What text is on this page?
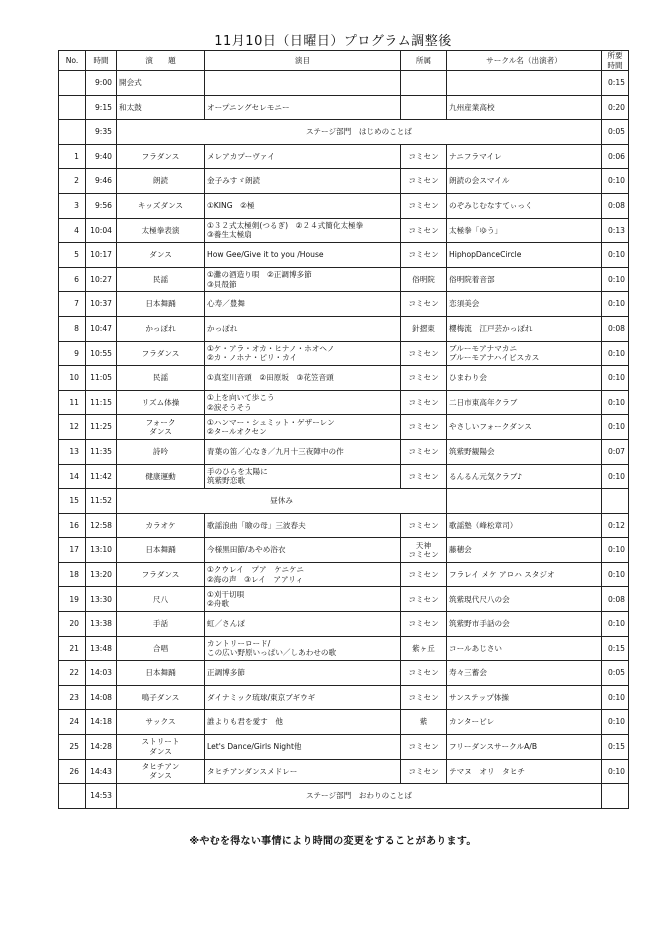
11月10日（日曜日）プログラム調整後
No.	時間	演　　題	演目	所属	サークル名（出演者）	所要
時間	
	9:00	開会式				0:15	
	9:15	和太鼓	オープニングセレモニー		九州産業高校	0:20	
	9:35	ステージ部門　はじめのことば				0:05	
1	9:40	フラダンス	メレアカプーヴァイ	コミセン	ナニフラマイレ	0:06	
2	9:46	朗読	金子みすゞ朗読	コミセン	朗読の会スマイル	0:10	
3	9:56	キッズダンス	①KING　②極	コミセン	のぞみじむなすてぃっく	0:08	
4	10:04	太極拳表演	①３２式太極剣(つるぎ)　②２４式簡化太極拳
③養生太極扇	コミセン	太極拳「ゆう」	0:13	
5	10:17	ダンス	How Gee/Give it to you /House	コミセン	HiphopDanceCircle	0:10	
6	10:27	民謡	①灘の酒造り唄　②正調博多節
③貝殻節	俗明院	俗明院着音部	0:10	
7	10:37	日本舞踊	心寿／豊舞	コミセン	恋須美会	0:10	
8	10:47	かっぽれ	かっぽれ	針摺東	櫻梅流　江戸芸かっぽれ	0:08	
9	10:55	フラダンス	①ケ・アラ・オカ・ヒナノ・ホオヘノ
②カ・ノホナ・ピリ・カイ	コミセン	ブルーモアナマカニ
ブルーモアナハイビスカス	0:10	
10	11:05	民謡	①真室川音頭　②田原坂　③花笠音頭	コミセン	ひまわり会	0:10	
11	11:15	リズム体操	①上を向いて歩こう
②涙そうそう	コミセン	二日市東高年クラブ	0:10	
12	11:25	フォーク
ダンス	①ハンマー・シュミット・ゲザーレン
②タールオクセン	コミセン	やさしいフォークダンス	0:10	
13	11:35	詩吟	青葉の笛／心なき／九月十三夜陣中の作	コミセン	筑紫野観陽会	0:07	
14	11:42	健康運動	手のひらを太陽に
筑紫野恋歌	コミセン	るんるん元気クラブ♪	0:10	
15	11:52	昼休み			
16	12:58	カラオケ	歌謡浪曲「瞼の母」三波春夫	コミセン	歌謡塾（峰松章司）	0:12	
17	13:10	日本舞踊	今様黒田節/あやめ浴衣	天神
コミセン	藤穂会	0:10	
18	13:20	フラダンス	①クウレイ　プア　ケニケニ
②海の声　③レイ　アアリィ	コミセン	フラレイ メケ アロハ スタジオ	0:10	
19	13:30	尺八	①刈干切唄
②舟歌	コミセン	筑紫現代尺八の会	0:08	
20	13:38	手話	虹／さんぽ	コミセン	筑紫野市手話の会	0:10	
21	13:48	合唱	カントリーロード/
この広い野原いっぱい／しあわせの歌	紫ヶ丘	コールあじさい	0:15	
22	14:03	日本舞踊	正調博多節	コミセン	寿々三蓄会	0:05	
23	14:08	鳴子ダンス	ダイナミック琉球/東京ブギウギ	コミセン	サンステップ体操	0:10	
24	14:18	サックス	誰よりも君を愛す　他	紫	カンタービレ	0:10	
25	14:28	ストリート
ダンス	Let's Dance/Girls Night他	コミセン	フリーダンスサークルA/B	0:15	
26	14:43	タヒチアン
ダンス	タヒチアンダンスメドレー	コミセン	テマヌ　オリ　タヒチ	0:10	
	14:53	ステージ部門　おわりのことば					
※やむを得ない事情により時間の変更をすることがあります。
